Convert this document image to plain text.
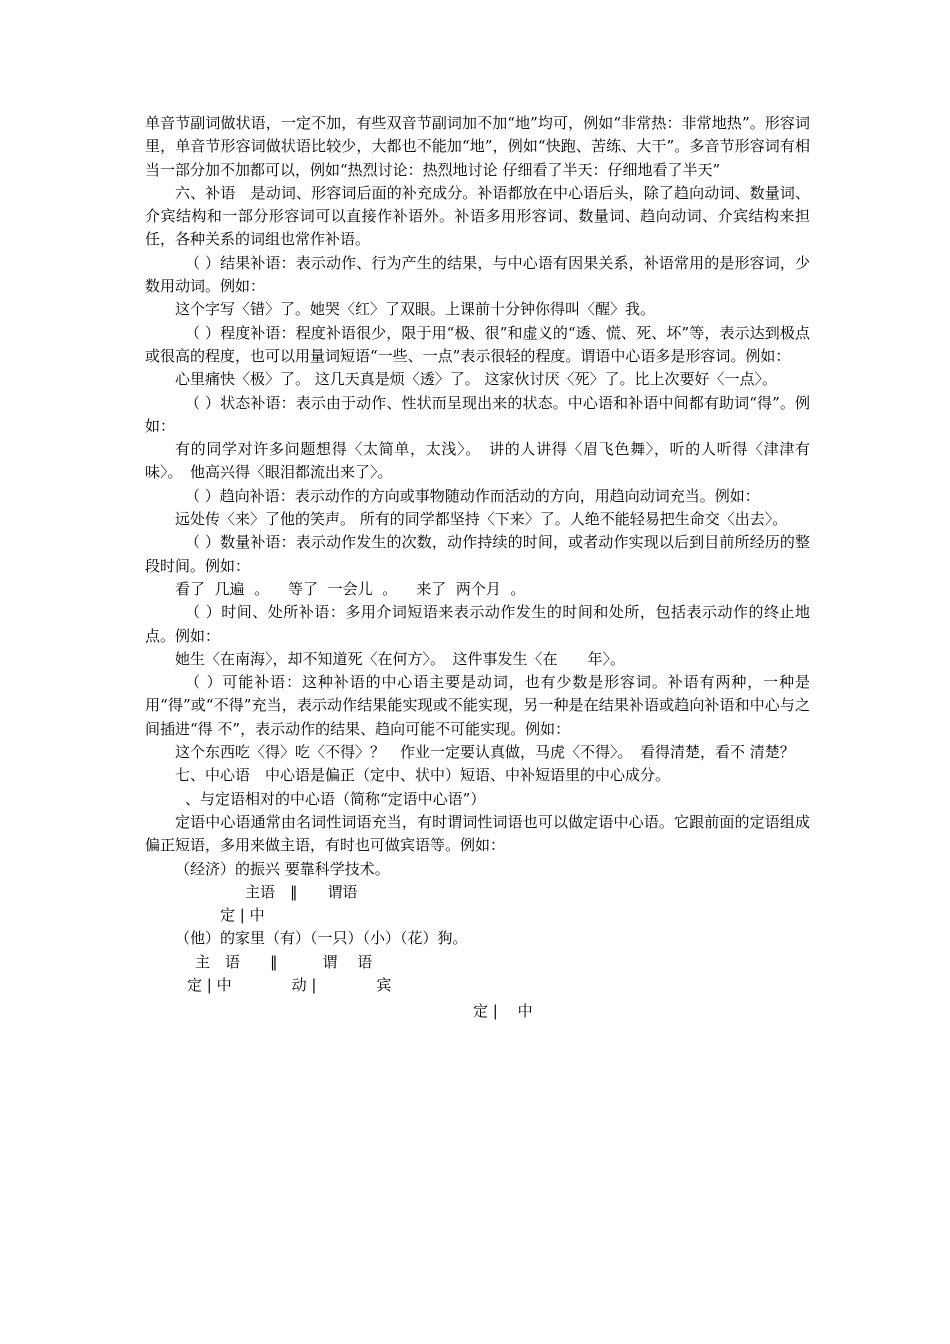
单音节副词做状语，一定不加，有些双音节副词加不加“地”均可，例如“非常热：非常地热”。形容词里，单音节形容词做状语比较少，大都也不能加“地”，例如“快跑、苦练、大干”。多音节形容词有相当一部分加不加都可以，例如“热烈讨论：热烈地讨论 仔细看了半天：仔细地看了半天”

六、补语　是动词、形容词后面的补充成分。补语都放在中心语后头，除了趋向动词、数量词、介宾结构和一部分形容词可以直接作补语外。补语多用形容词、数量词、趋向动词、介宾结构来担任，各种关系的词组也常作补语。

（ ）结果补语：表示动作、行为产生的结果，与中心语有因果关系，补语常用的是形容词，少数用动词。例如：

这个字写〈错〉了。她哭〈红〉了双眼。上课前十分钟你得叫〈醒〉我。

（ ）程度补语：程度补语很少，限于用“极、很”和虚义的“透、慌、死、坏”等，表示达到极点或很高的程度，也可以用量词短语“一些、一点”表示很轻的程度。谓语中心语多是形容词。例如：

心里痛快〈极〉了。 这几天真是烦〈透〉了。 这家伙讨厌〈死〉了。比上次要好〈一点〉。

（ ）状态补语：表示由于动作、性状而呈现出来的状态。中心语和补语中间都有助词“得”。例如：

有的同学对许多问题想得〈太简单，太浅〉。　讲的人讲得〈眉飞色舞〉，听的人听得〈津津有味〉。　他高兴得〈眼泪都流出来了〉。

（ ）趋向补语：表示动作的方向或事物随动作而活动的方向，用趋向动词充当。例如：

远处传〈来〉了他的笑声。 所有的同学都坚持〈下来〉了。人绝不能轻易把生命交〈出去〉。

（ ）数量补语：表示动作发生的次数，动作持续的时间，或者动作实现以后到目前所经历的整段时间。例如：

看了  几遍  。    等了  一会儿  。    来了  两个月  。

（ ）时间、处所补语：多用介词短语来表示动作发生的时间和处所，包括表示动作的终止地点。例如：

她生〈在南海〉，却不知道死〈在何方〉。　这件事发生〈在　　年〉。

（ ）可能补语：这种补语的中心语主要是动词，也有少数是形容词。补语有两种，一种是用“得”或“不得”充当，表示动作结果能实现或不能实现，另一种是在结果补语或趋向补语和中心与之间插进“得 不”，表示动作的结果、趋向可能不可能实现。例如：

这个东西吃〈得〉吃〈不得〉？　作业一定要认真做，马虎〈不得〉。　看得清楚，看不 清楚？

七、中心语　中心语是偏正（定中、状中）短语、中补短语里的中心成分。

、与定语相对的中心语（简称“定语中心语”）

定语中心语通常由名词性词语充当，有时谓词性词语也可以做定语中心语。它跟前面的定语组成偏正短语，多用来做主语，有时也可做宾语等。例如：

（经济）的振兴 要靠科学技术。

主语　‖　　谓语

定 | 中

（他）的家里（有）（一只）（小）（花）狗。

主　语　　‖　　　谓　 语

定 | 中　　　　动 |　　　　宾

定 |　 中
